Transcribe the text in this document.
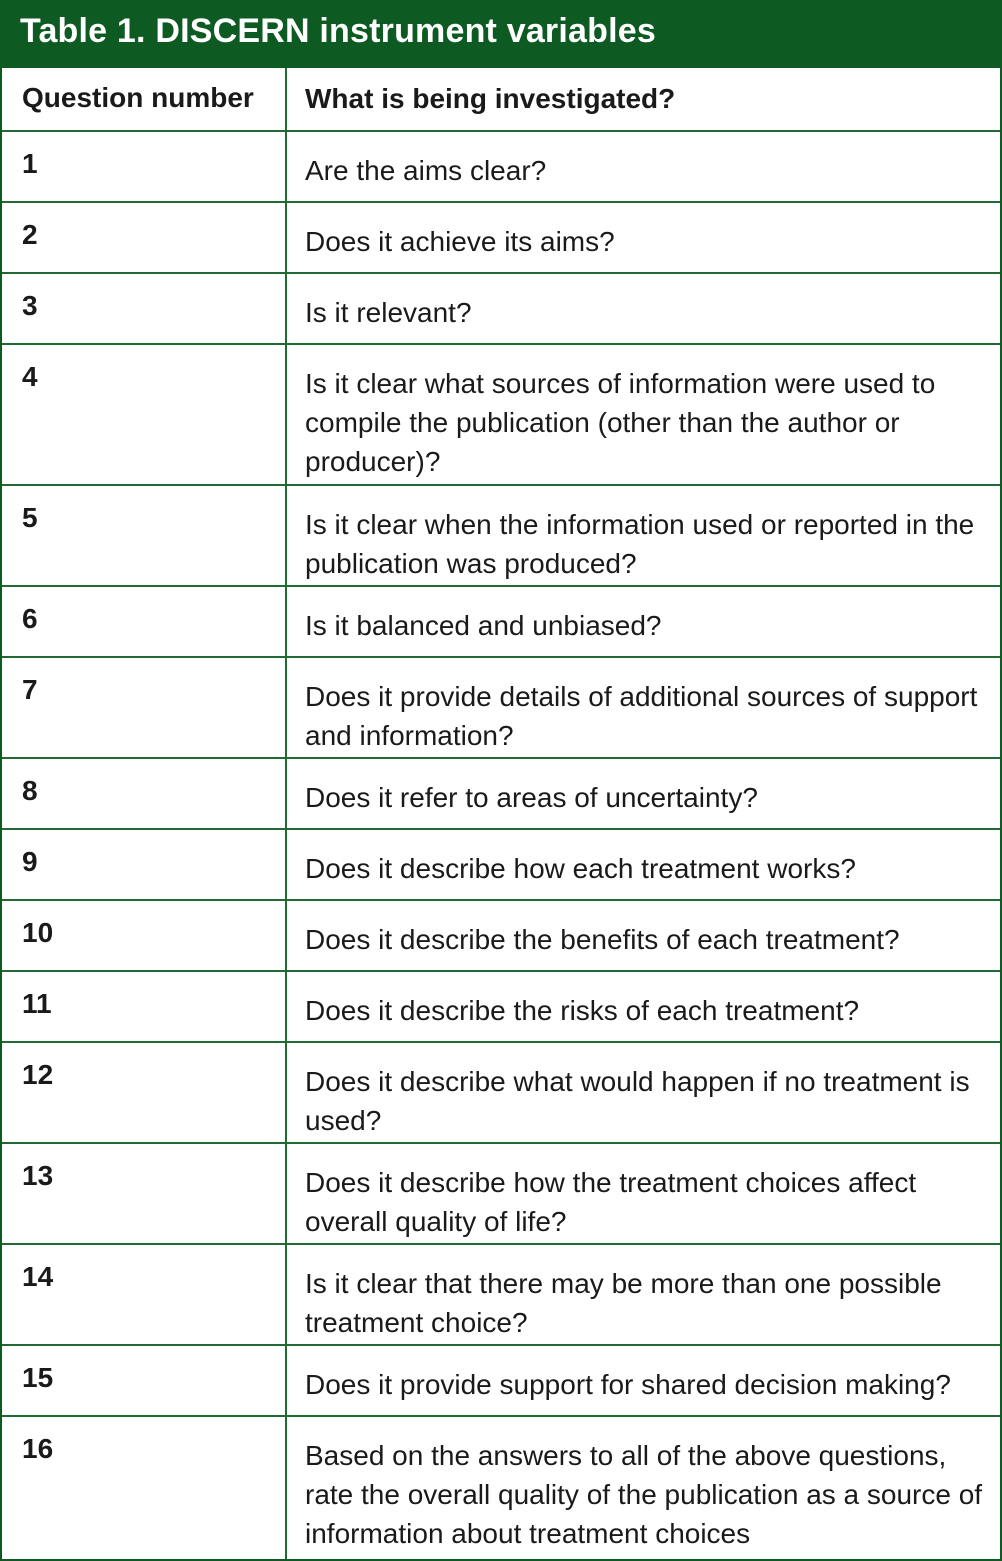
Table 1. DISCERN instrument variables
Question number	What is being investigated?
1	Are the aims clear?
2	Does it achieve its aims?
3	Is it relevant?
4	Is it clear what sources of information were used to compile the publication (other than the author or producer)?
5	Is it clear when the information used or reported in the publication was produced?
6	Is it balanced and unbiased?
7	Does it provide details of additional sources of support and information?
8	Does it refer to areas of uncertainty?
9	Does it describe how each treatment works?
10	Does it describe the benefits of each treatment?
11	Does it describe the risks of each treatment?
12	Does it describe what would happen if no treatment is used?
13	Does it describe how the treatment choices affect overall quality of life?
14	Is it clear that there may be more than one possible treatment choice?
15	Does it provide support for shared decision making?
16	Based on the answers to all of the above questions, rate the overall quality of the publication as a source of information about treatment choices
